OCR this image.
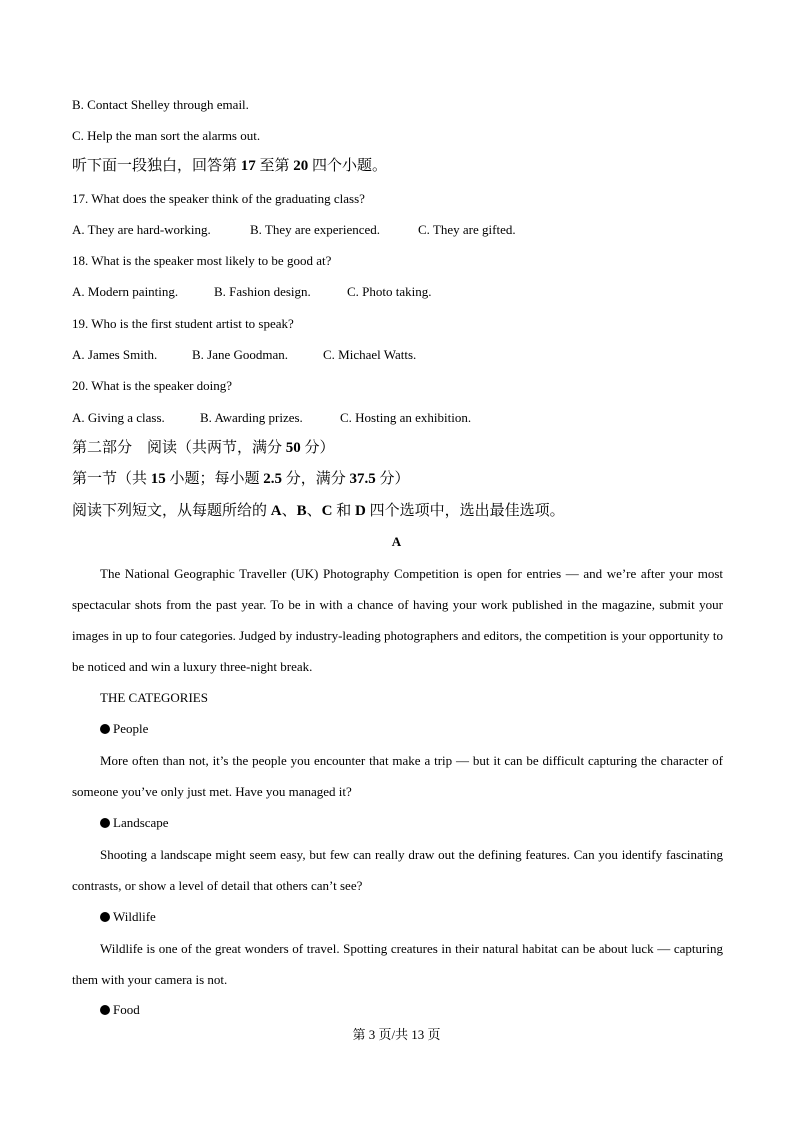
B. Contact Shelley through email.
C. Help the man sort the alarms out.
听下面一段独白，回答第 17 至第 20 四个小题。
17. What does the speaker think of the graduating class?
A. They are hard-working.	B. They are experienced.	C. They are gifted.
18. What is the speaker most likely to be good at?
A. Modern painting.	B. Fashion design.	C. Photo taking.
19. Who is the first student artist to speak?
A. James Smith.	B. Jane Goodman.	C. Michael Watts.
20. What is the speaker doing?
A. Giving a class.	B. Awarding prizes.	C. Hosting an exhibition.
第二部分　阅读（共两节，满分 50 分）
第一节（共 15 小题；每小题 2.5 分，满分 37.5 分）
阅读下列短文，从每题所给的 A、B、C 和 D 四个选项中，选出最佳选项。
A
The National Geographic Traveller (UK) Photography Competition is open for entries — and we’re after your most spectacular shots from the past year. To be in with a chance of having your work published in the magazine, submit your images in up to four categories. Judged by industry-leading photographers and editors, the competition is your opportunity to be noticed and win a luxury three-night break.
THE CATEGORIES
People
More often than not, it’s the people you encounter that make a trip — but it can be difficult capturing the character of someone you’ve only just met. Have you managed it?
Landscape
Shooting a landscape might seem easy, but few can really draw out the defining features. Can you identify fascinating contrasts, or show a level of detail that others can’t see?
Wildlife
Wildlife is one of the great wonders of travel. Spotting creatures in their natural habitat can be about luck — capturing them with your camera is not.
Food
第 3 页/共 13 页
